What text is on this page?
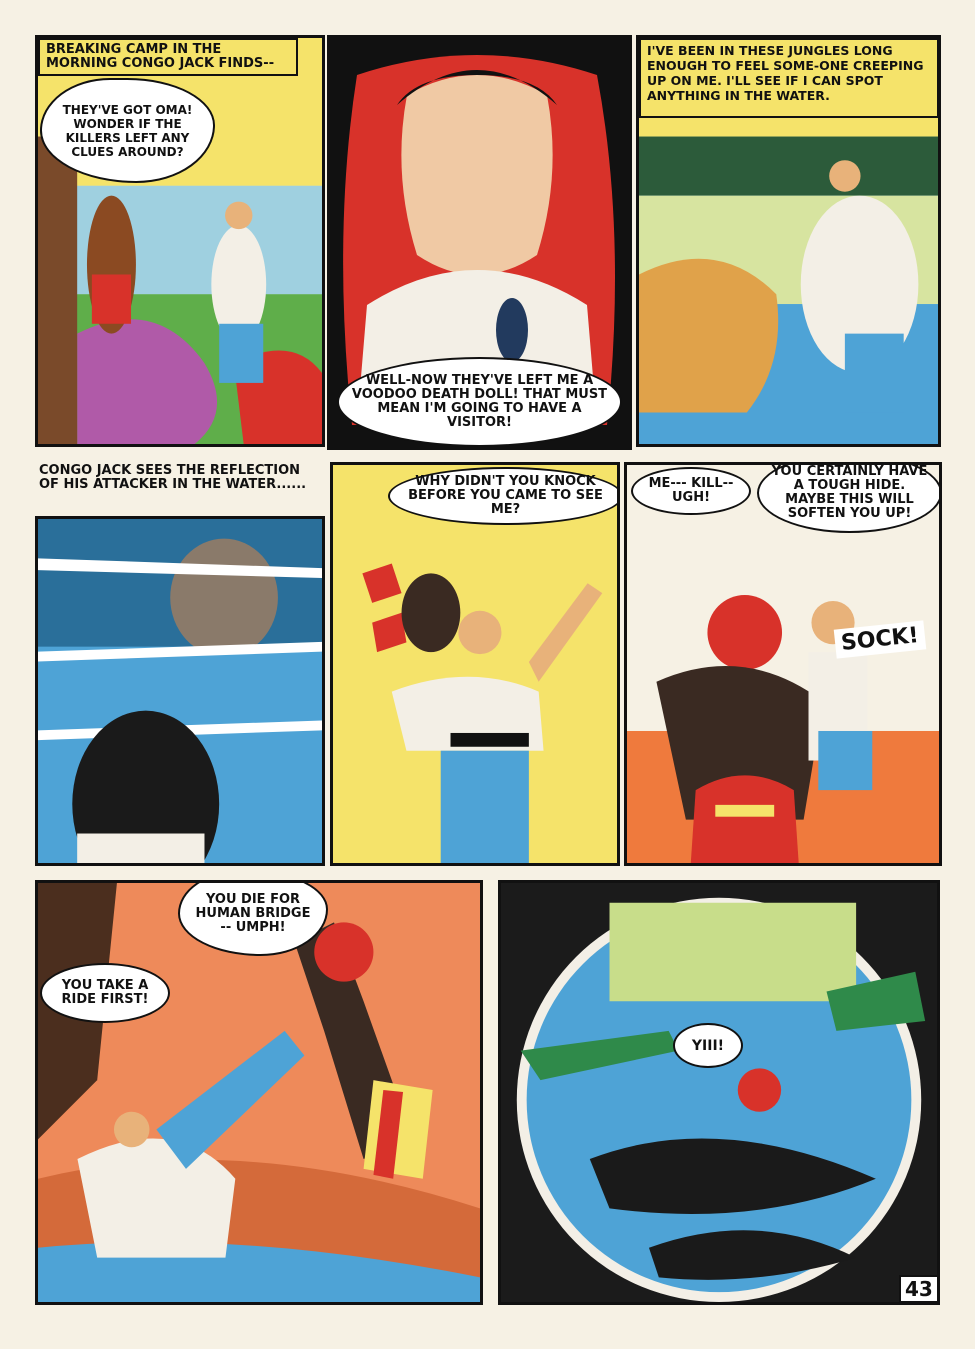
BREAKING CAMP IN THE MORNING CONGO JACK FINDS--
THEY'VE GOT OMA! WONDER IF THE KILLERS LEFT ANY CLUES AROUND?
WELL-NOW THEY'VE LEFT ME A VOODOO DEATH DOLL! THAT MUST MEAN I'M GOING TO HAVE A VISITOR!
I'VE BEEN IN THESE JUNGLES LONG ENOUGH TO FEEL SOME-ONE CREEPING UP ON ME. I'LL SEE IF I CAN SPOT ANYTHING IN THE WATER.
CONGO JACK SEES THE REFLECTION OF HIS ATTACKER IN THE WATER......	WHY DIDN'T YOU KNOCK BEFORE YOU CAME TO SEE ME?
ME--- KILL-- UGH!
YOU CERTAINLY HAVE A TOUGH HIDE. MAYBE THIS WILL SOFTEN YOU UP!
SOCK!
YOU DIE FOR HUMAN BRIDGE -- UMPH!
YOU TAKE A RIDE FIRST!
YIII!
43
